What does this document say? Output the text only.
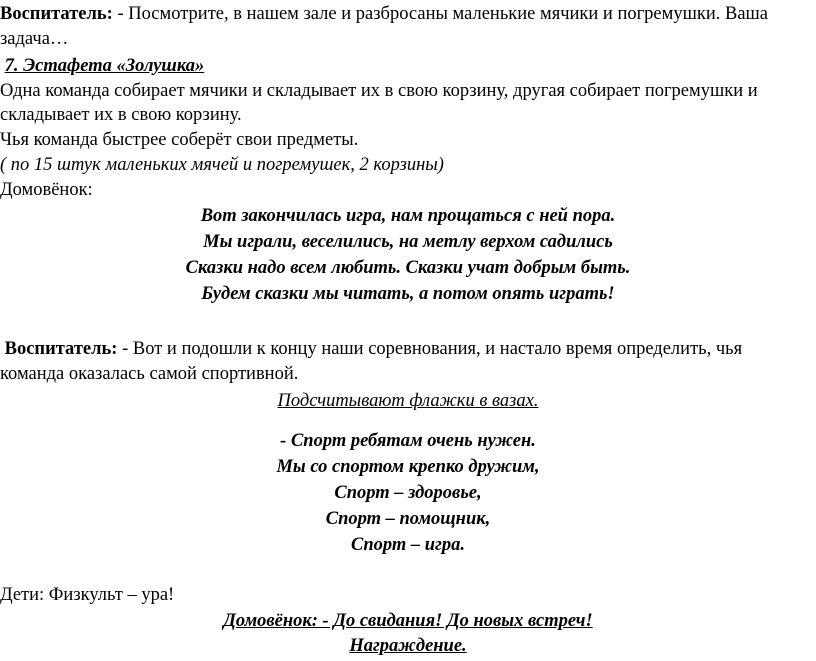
Воспитатель: - Посмотрите, в нашем зале и разбросаны маленькие мячики и погремушки. Ваша
задача…
7. Эстафета «Золушка»
Одна команда собирает мячики и складывает их в свою корзину, другая собирает погремушки и
складывает их в свою корзину.
Чья команда быстрее соберёт свои предметы.
( по 15 штук маленьких мячей и погремушек, 2 корзины)
Домовёнок:
Вот закончилась игра, нам прощаться с ней пора.
Мы играли, веселились, на метлу верхом садились
Сказки надо всем любить. Сказки учат добрым быть.
Будем сказки мы читать, а потом опять играть!
Воспитатель: - Вот и подошли к концу наши соревнования, и настало время определить, чья
команда оказалась самой спортивной.
Подсчитывают флажки в вазах.
- Спорт ребятам очень нужен.
Мы со спортом крепко дружим,
Спорт – здоровье,
Спорт – помощник,
Спорт – игра.
Дети: Физкульт – ура!
Домовёнок: - До свидания! До новых встреч!
Награждение.
